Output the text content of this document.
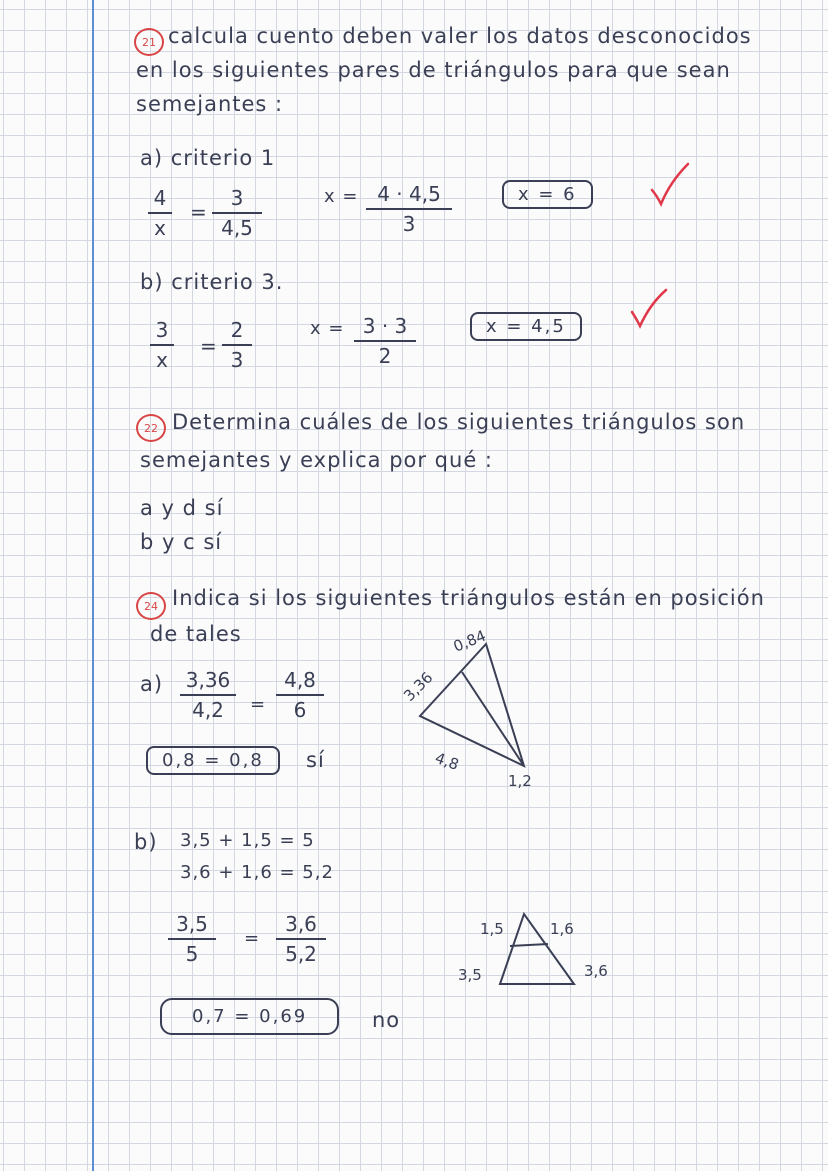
21 calcula cuento deben valer los datos desconocidos
en los siguientes pares de triángulos para que sean
semejantes :
a) criterio 1
4
x
=
3
4,5
x = 4 · 4,5
3
x = 6
b) criterio 3.
3
x
=
2
3
x = 3 · 3
2
x = 4,5
22 Determina cuáles de los siguientes triángulos son
semejantes y explica por qué :
a y d sí
b y c sí
24 Indica si los siguientes triángulos están en posición
de tales
a) 3,36
4,2 =
4,8
6
0,8 = 0,8	sí
0,84
3,36
4,8
1,2
b) 3,5 + 1,5 = 5
3,6 + 1,6 = 5,2
3,5
5
=
3,6
5,2
0,7 = 0,69	no
1,5	1,6
3,5	3,6
